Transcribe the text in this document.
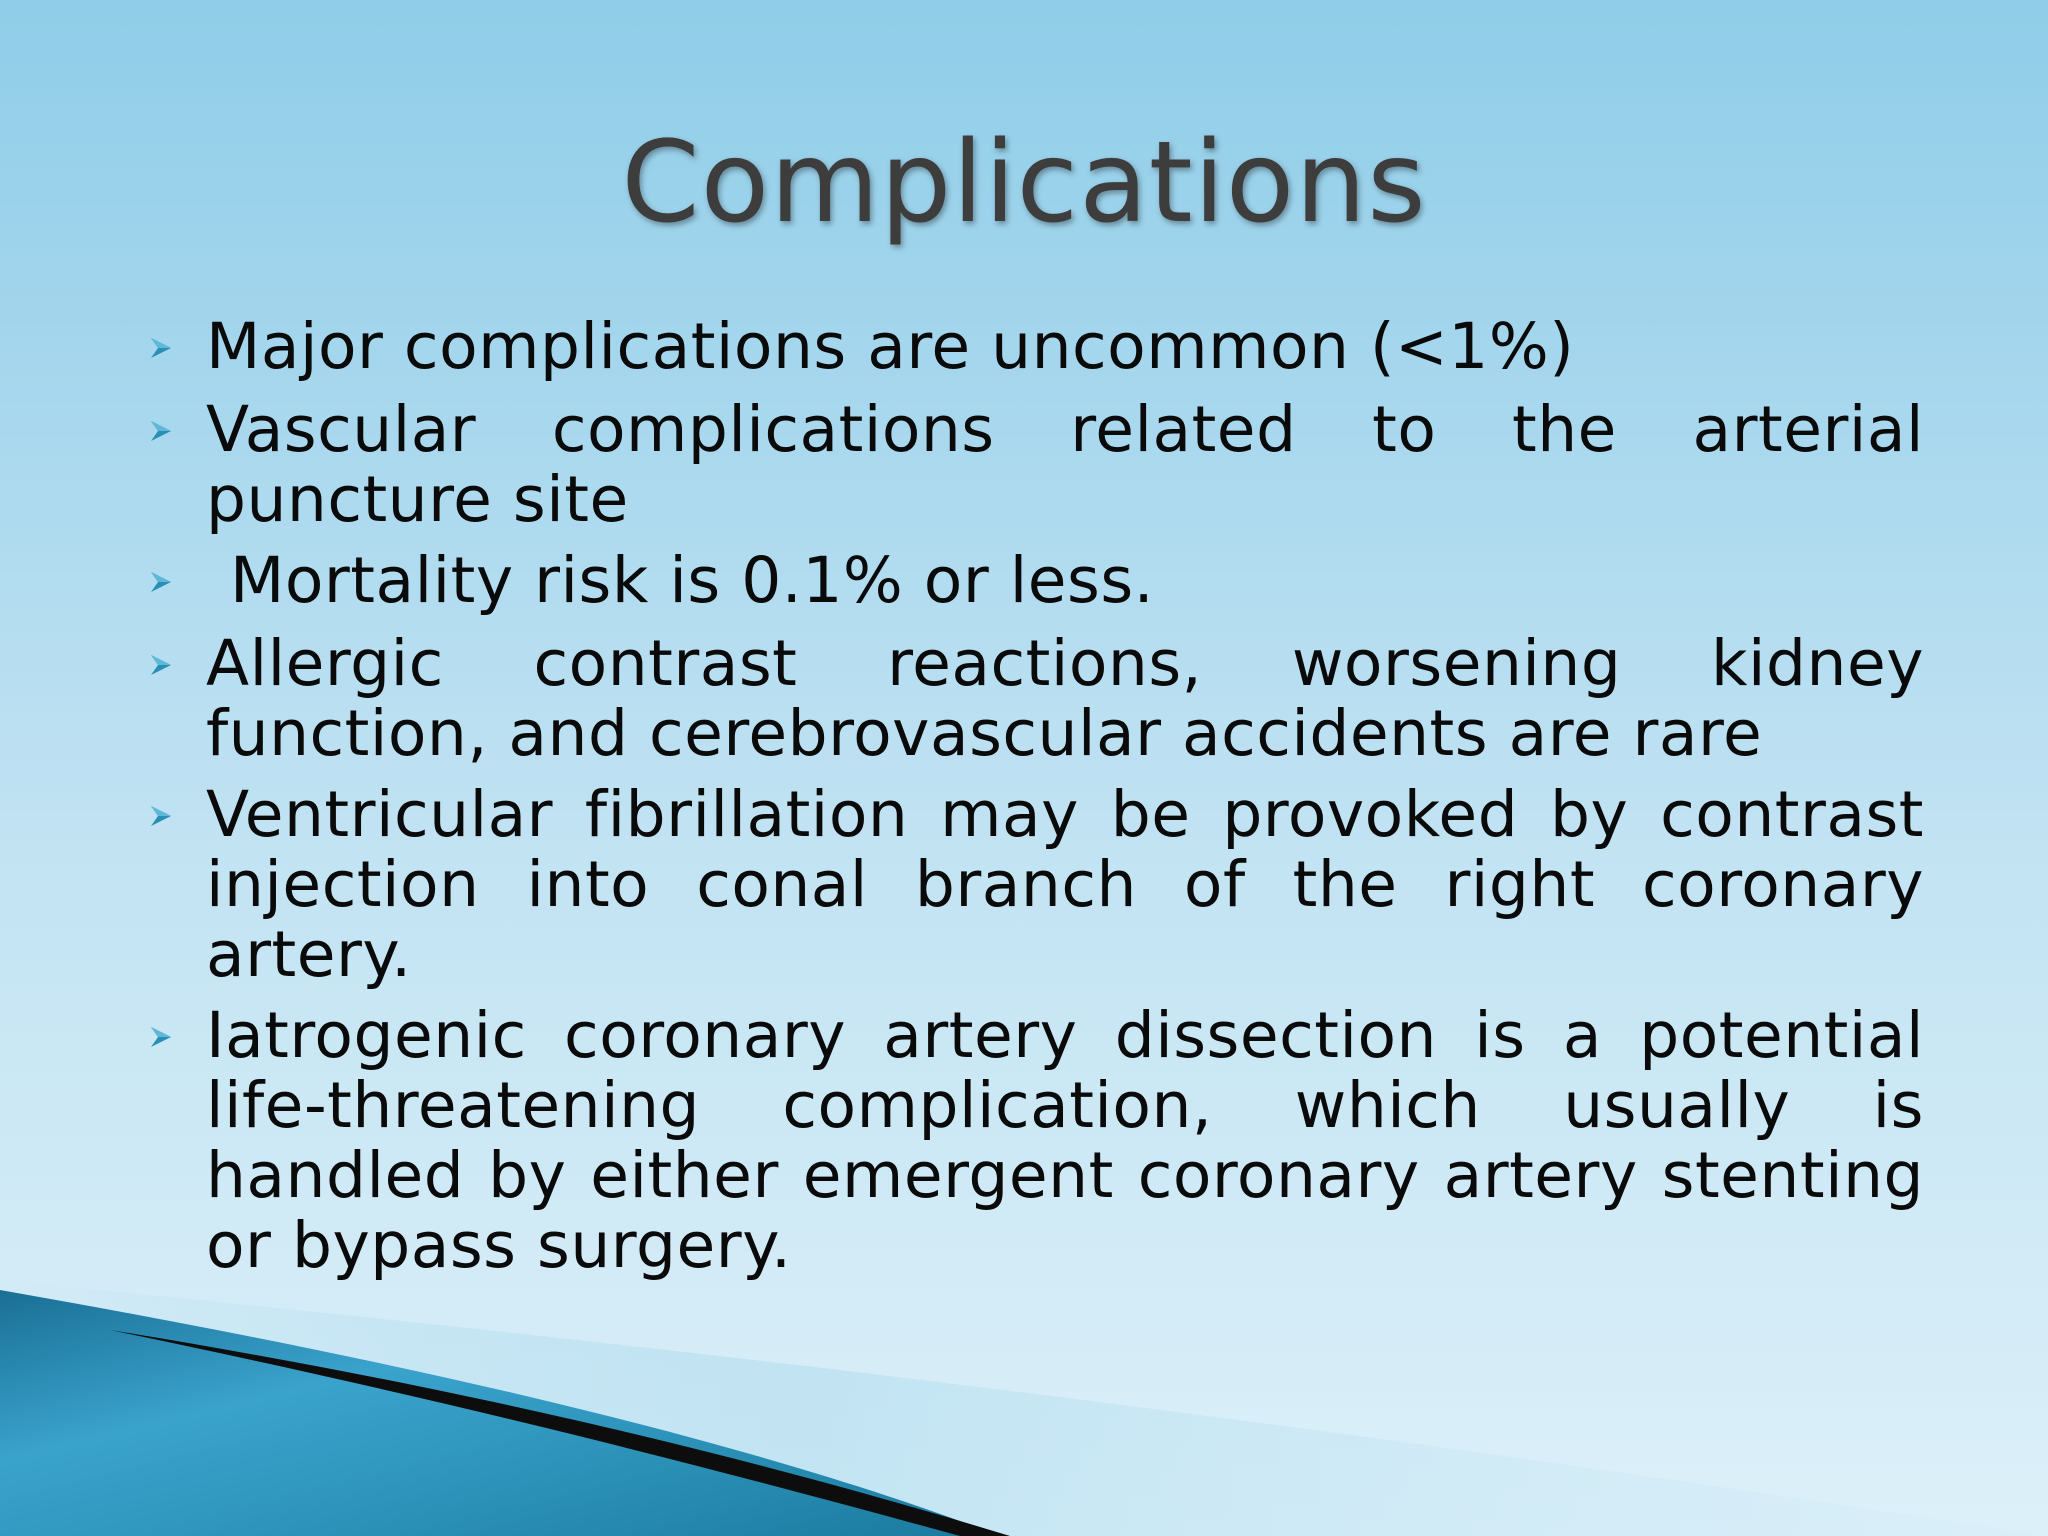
Complications
Major complications are uncommon (<1%)
Vascular complications related to the arterial puncture site
Mortality risk is 0.1% or less.
Allergic contrast reactions, worsening kidney function, and cerebrovascular accidents are rare
Ventricular fibrillation may be provoked by contrast injection into conal branch of the right coronary artery.
Iatrogenic coronary artery dissection is a potential life-threatening complication, which usually is handled by either emergent coronary artery stenting or bypass surgery.
